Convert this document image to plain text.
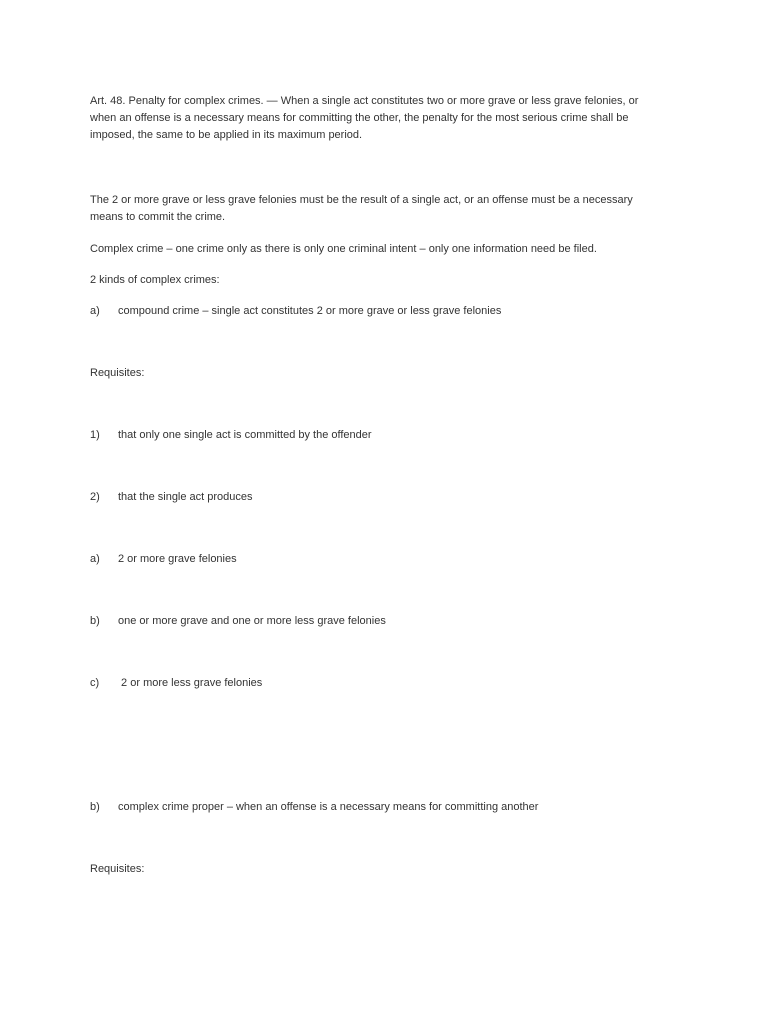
Art. 48. Penalty for complex crimes. — When a single act constitutes two or more grave or less grave felonies, or
when an offense is a necessary means for committing the other, the penalty for the most serious crime shall be
imposed, the same to be applied in its maximum period.
The 2 or more grave or less grave felonies must be the result of a single act, or an offense must be a necessary
means to commit the crime.
Complex crime – one crime only as there is only one criminal intent – only one information need be filed.
2 kinds of complex crimes:
a) compound crime – single act constitutes 2 or more grave or less grave felonies
Requisites:
1) that only one single act is committed by the offender
2) that the single act produces
a) 2 or more grave felonies
b) one or more grave and one or more less grave felonies
c) 2 or more less grave felonies
b) complex crime proper – when an offense is a necessary means for committing another
Requisites:
